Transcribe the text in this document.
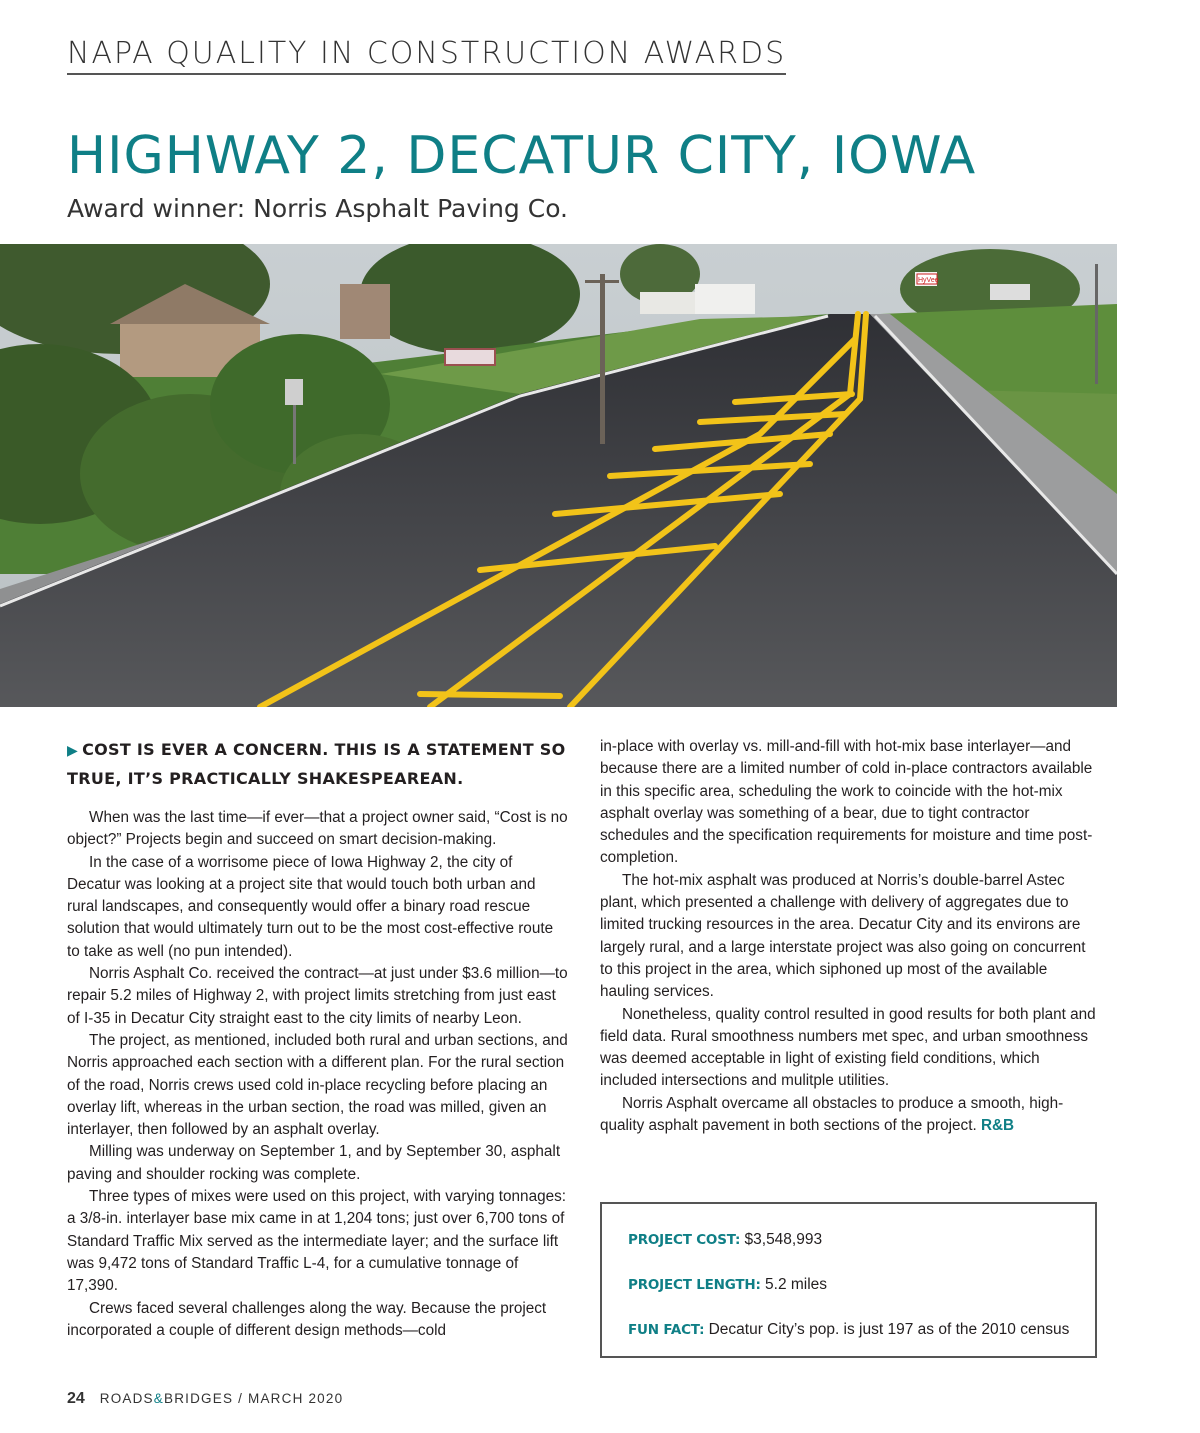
NAPA QUALITY IN CONSTRUCTION AWARDS
HIGHWAY 2, DECATUR CITY, IOWA
Award winner: Norris Asphalt Paving Co.
HyVee
▶ COST IS EVER A CONCERN. THIS IS A STATEMENT SO TRUE, IT’S PRACTICALLY SHAKESPEAREAN.

When was the last time—if ever—that a project owner said, “Cost is no object?” Projects begin and succeed on smart decision-making.

In the case of a worrisome piece of Iowa Highway 2, the city of Decatur was looking at a project site that would touch both urban and rural landscapes, and consequently would offer a binary road rescue solution that would ultimately turn out to be the most cost-effective route to take as well (no pun intended).

Norris Asphalt Co. received the contract—at just under $3.6 million—to repair 5.2 miles of Highway 2, with project limits stretching from just east of I-35 in Decatur City straight east to the city limits of nearby Leon.

The project, as mentioned, included both rural and urban sections, and Norris approached each section with a different plan. For the rural section of the road, Norris crews used cold in-place recycling before placing an overlay lift, whereas in the urban section, the road was milled, given an interlayer, then followed by an asphalt overlay.

Milling was underway on September 1, and by September 30, asphalt paving and shoulder rocking was complete.

Three types of mixes were used on this project, with varying tonnages: a 3/8-in. interlayer base mix came in at 1,204 tons; just over 6,700 tons of Standard Traffic Mix served as the intermediate layer; and the surface lift was 9,472 tons of Standard Traffic L-4, for a cumulative tonnage of 17,390.

Crews faced several challenges along the way. Because the project incorporated a couple of different design methods—cold

in-place with overlay vs. mill-and-fill with hot-mix base interlayer—and because there are a limited number of cold in-place contractors available in this specific area, scheduling the work to coincide with the hot-mix asphalt overlay was something of a bear, due to tight contractor schedules and the specification requirements for moisture and time post-completion.

The hot-mix asphalt was produced at Norris’s double-barrel Astec plant, which presented a challenge with delivery of aggregates due to limited trucking resources in the area. Decatur City and its environs are largely rural, and a large interstate project was also going on concurrent to this project in the area, which siphoned up most of the available hauling services.

Nonetheless, quality control resulted in good results for both plant and field data. Rural smoothness numbers met spec, and urban smoothness was deemed acceptable in light of existing field conditions, which included intersections and mulitple utilities.

Norris Asphalt overcame all obstacles to produce a smooth, high-quality asphalt pavement in both sections of the project. R&B

PROJECT COST: $3,548,993
PROJECT LENGTH: 5.2 miles
FUN FACT: Decatur City’s pop. is just 197 as of the 2010 census
24 ROADS&BRIDGES / MARCH 2020
